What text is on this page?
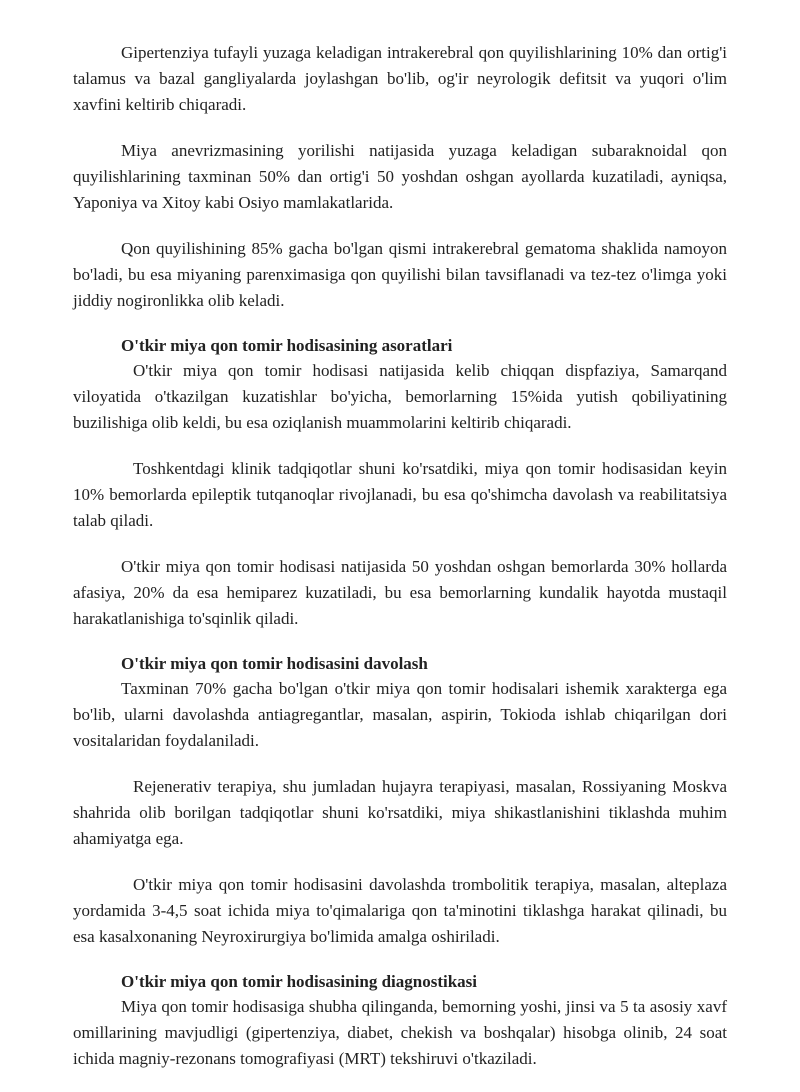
Gipertenziya tufayli yuzaga keladigan intrakerebral qon quyilishlarining 10% dan ortig'i talamus va bazal gangliyalarda joylashgan bo'lib, og'ir neyrologik defitsit va yuqori o'lim xavfini keltirib chiqaradi.

Miya anevrizmasining yorilishi natijasida yuzaga keladigan subaraknoidal qon quyilishlarining taxminan 50% dan ortig'i 50 yoshdan oshgan ayollarda kuzatiladi, ayniqsa, Yaponiya va Xitoy kabi Osiyo mamlakatlarida.

Qon quyilishining 85% gacha bo'lgan qismi intrakerebral gematoma shaklida namoyon bo'ladi, bu esa miyaning parenximasiga qon quyilishi bilan tavsiflanadi va tez-tez o'limga yoki jiddiy nogironlikka olib keladi.

O'tkir miya qon tomir hodisasining asoratlari

O'tkir miya qon tomir hodisasi natijasida kelib chiqqan dispfaziya, Samarqand viloyatida o'tkazilgan kuzatishlar bo'yicha, bemorlarning 15%ida yutish qobiliyatining buzilishiga olib keldi, bu esa oziqlanish muammolarini keltirib chiqaradi.

Toshkentdagi klinik tadqiqotlar shuni ko'rsatdiki, miya qon tomir hodisasidan keyin 10% bemorlarda epileptik tutqanoqlar rivojlanadi, bu esa qo'shimcha davolash va reabilitatsiya talab qiladi.

O'tkir miya qon tomir hodisasi natijasida 50 yoshdan oshgan bemorlarda 30% hollarda afasiya, 20% da esa hemiparez kuzatiladi, bu esa bemorlarning kundalik hayotda mustaqil harakatlanishiga to'sqinlik qiladi.

O'tkir miya qon tomir hodisasini davolash

Taxminan 70% gacha bo'lgan o'tkir miya qon tomir hodisalari ishemik xarakterga ega bo'lib, ularni davolashda antiagregantlar, masalan, aspirin, Tokioda ishlab chiqarilgan dori vositalaridan foydalaniladi.

Rejenerativ terapiya, shu jumladan hujayra terapiyasi, masalan, Rossiyaning Moskva shahrida olib borilgan tadqiqotlar shuni ko'rsatdiki, miya shikastlanishini tiklashda muhim ahamiyatga ega.

O'tkir miya qon tomir hodisasini davolashda trombolitik terapiya, masalan, alteplaza yordamida 3-4,5 soat ichida miya to'qimalariga qon ta'minotini tiklashga harakat qilinadi, bu esa kasalxonaning Neyroxirurgiya bo'limida amalga oshiriladi.

O'tkir miya qon tomir hodisasining diagnostikasi

Miya qon tomir hodisasiga shubha qilinganda, bemorning yoshi, jinsi va 5 ta asosiy xavf omillarining mavjudligi (gipertenziya, diabet, chekish va boshqalar) hisobga olinib, 24 soat ichida magniy-rezonans tomografiyasi (MRT) tekshiruvi o'tkaziladi.
